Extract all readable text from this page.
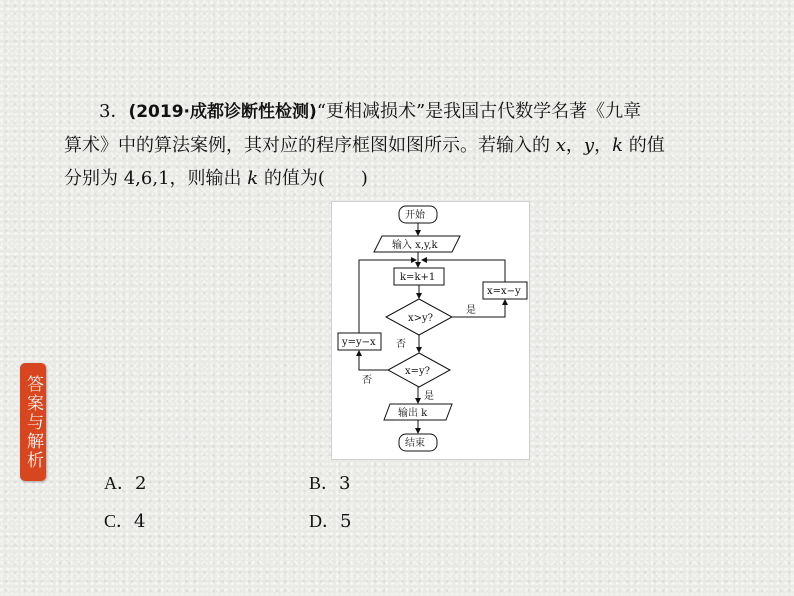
3．(2019·成都诊断性检测)“更相减损术”是我国古代数学名著《九章

算术》中的算法案例，其对应的程序框图如图所示。若输入的 x，y，k 的值

分别为 4,6,1，则输出 k 的值为(　　)

开始
输入 x,y,k
k=k+1
x>y?
是
否
x=x−y
y=y−x
x=y?
是
否
输出 k
结束
答案与解析
A．2	B．3
C．4	D．5
